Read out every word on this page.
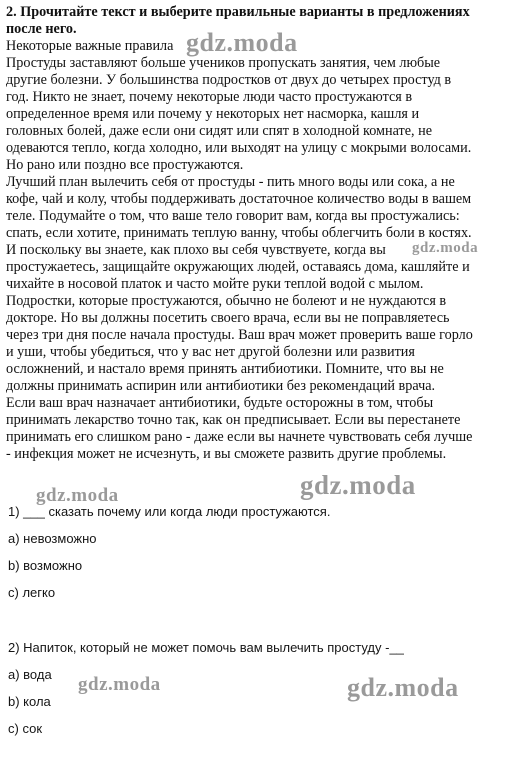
2. Прочитайте текст и выберите правильные варианты в предложениях
после него.
Некоторые важные правила
Простуды заставляют больше учеников пропускать занятия, чем любые
другие болезни. У большинства подростков от двух до четырех простуд в
год. Никто не знает, почему некоторые люди часто простужаются в
определенное время или почему у некоторых нет насморка, кашля и
головных болей, даже если они сидят или спят в холодной комнате, не
одеваются тепло, когда холодно, или выходят на улицу с мокрыми волосами.
Но рано или поздно все простужаются.
Лучший план вылечить себя от простуды - пить много воды или сока, а не
кофе, чай и колу, чтобы поддерживать достаточное количество воды в вашем
теле. Подумайте о том, что ваше тело говорит вам, когда вы простужались:
спать, если хотите, принимать теплую ванну, чтобы облегчить боли в костях.
И поскольку вы знаете, как плохо вы себя чувствуете, когда вы
простужаетесь, защищайте окружающих людей, оставаясь дома, кашляйте и
чихайте в носовой платок и часто мойте руки теплой водой с мылом.
Подростки, которые простужаются, обычно не болеют и не нуждаются в
докторе. Но вы должны посетить своего врача, если вы не поправляетесь
через три дня после начала простуды. Ваш врач может проверить ваше горло
и уши, чтобы убедиться, что у вас нет другой болезни или развития
осложнений, и настало время принять антибиотики. Помните, что вы не
должны принимать аспирин или антибиотики без рекомендаций врача.
Если ваш врач назначает антибиотики, будьте осторожны в том, чтобы
принимать лекарство точно так, как он предписывает. Если вы перестанете
принимать его слишком рано - даже если вы начнете чувствовать себя лучше
- инфекция может не исчезнуть, и вы сможете развить другие проблемы.
1) ___ сказать почему или когда люди простужаются.
a) невозможно
b) возможно
c) легко
2) Напиток, который не может помочь вам вылечить простуду -__
a) вода
b) кола
c) сок
gdz.moda
gdz.moda
gdz.moda	gdz.moda
gdz.moda	gdz.moda
